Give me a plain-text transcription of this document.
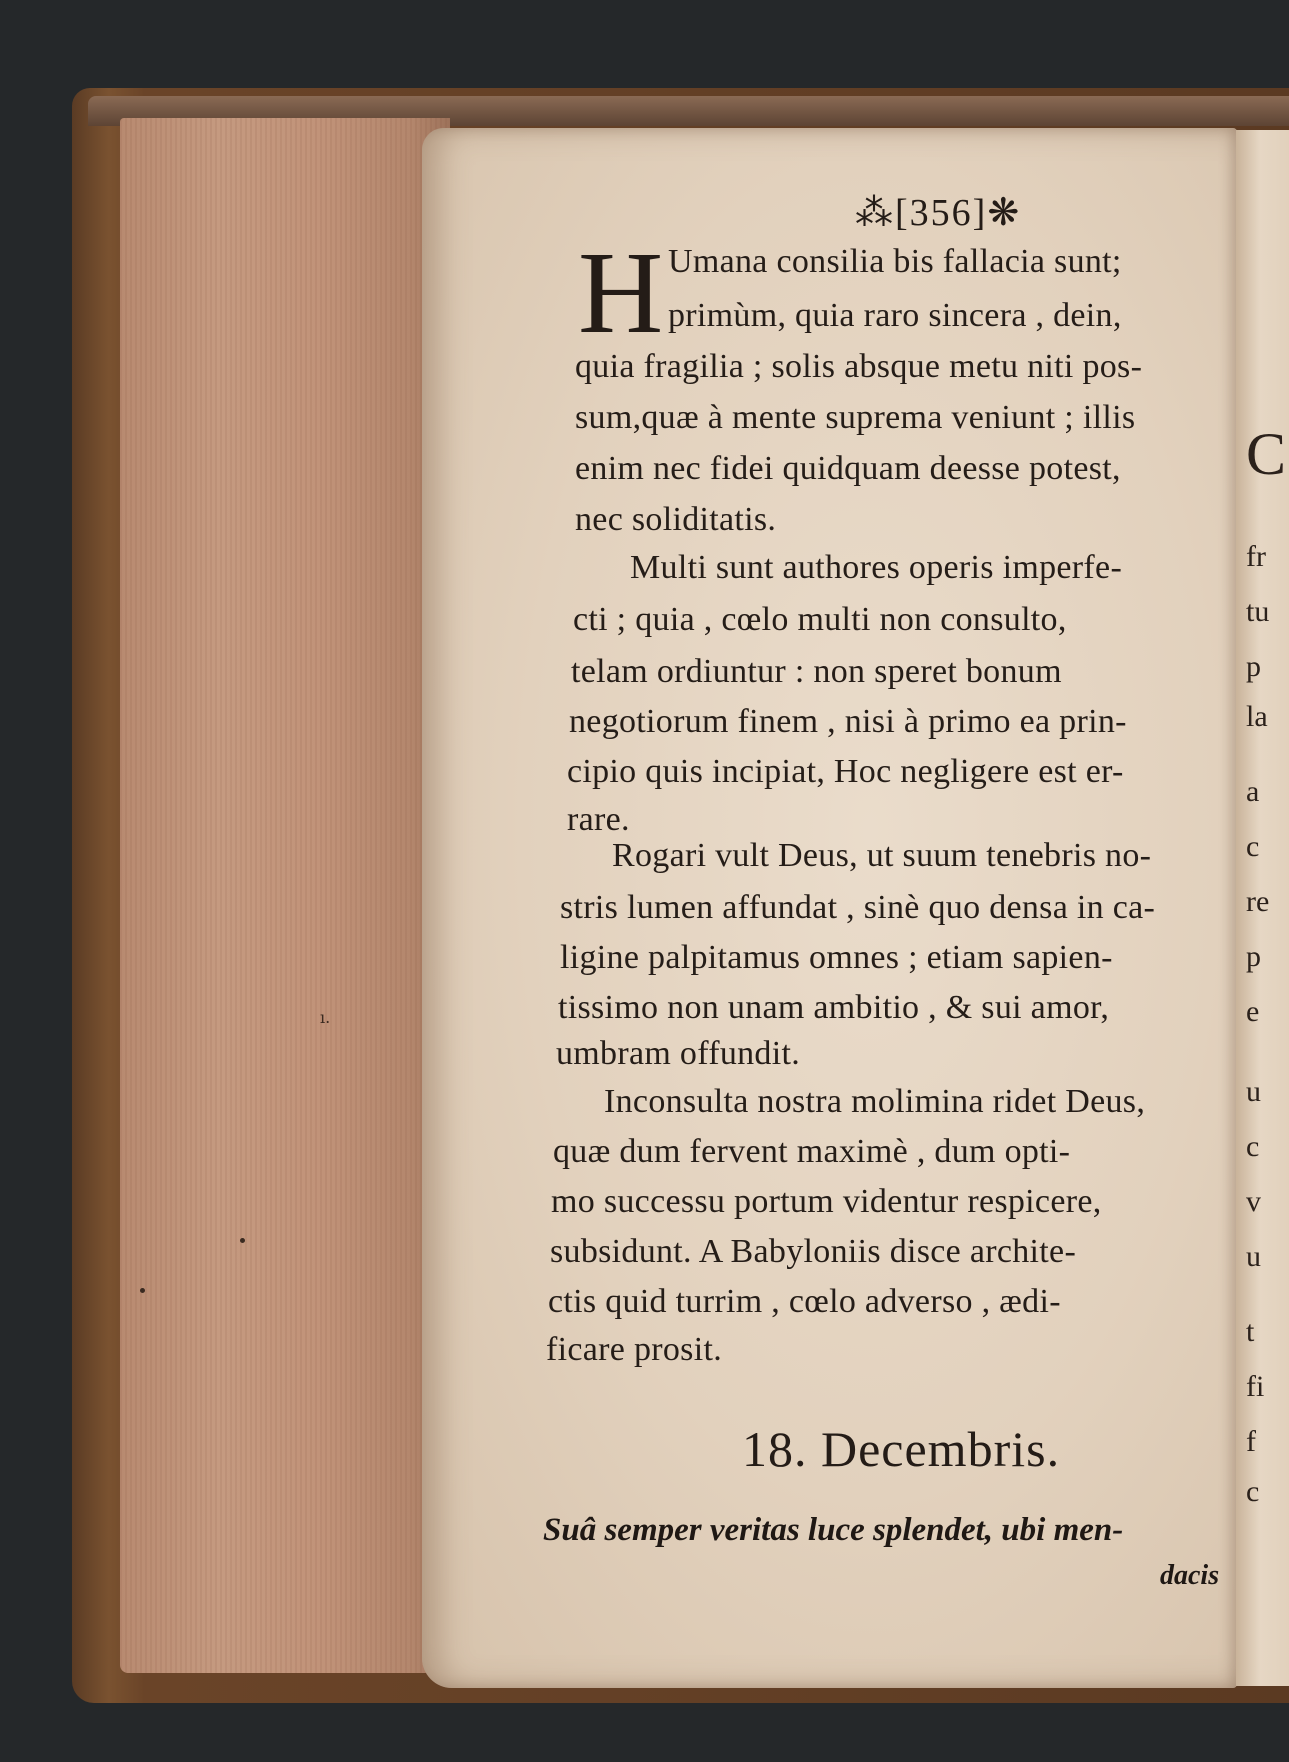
ı.
C
fr
tu
p
la
a
c
re
p
e
u
c
v
u
t
fi
f
c
⁂[356]❋
H Umana consilia bis fallacia sunt;
primùm, quia raro sincera , dein,
quia fragilia ; solis absque metu niti pos-
sum,quæ à mente suprema veniunt ; illis
enim nec fidei quidquam deesse potest,
nec soliditatis.
Multi sunt authores operis imperfe-
cti ; quia , cœlo multi non consulto,
telam ordiuntur : non speret bonum
negotiorum finem , nisi à primo ea prin-
cipio quis incipiat, Hoc negligere est er-
rare.
Rogari vult Deus, ut suum tenebris no-
stris lumen affundat , sinè quo densa in ca-
ligine palpitamus omnes ; etiam sapien-
tissimo non unam ambitio , & sui amor,
umbram offundit.
Inconsulta nostra molimina ridet Deus,
quæ dum fervent maximè , dum opti-
mo successu portum videntur respicere,
subsidunt. A Babyloniis disce archite-
ctis quid turrim , cœlo adverso , ædi-
ficare prosit.
18. Decembris.
Suâ semper veritas luce splendet, ubi men-
dacis
